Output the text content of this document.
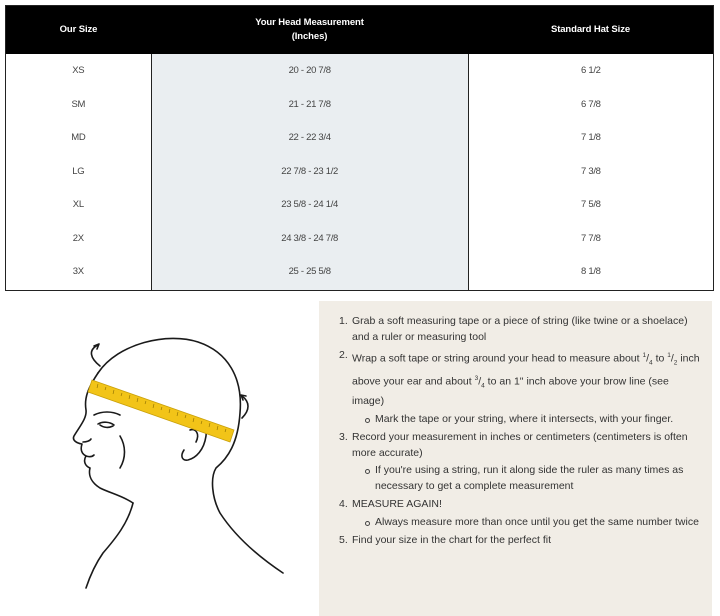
Our Size
Your Head Measurement
(Inches)
Standard Hat Size
XS
SM
MD
LG
XL
2X
3X
20 - 20 7/8
21 - 21 7/8
22 - 22 3/4
22 7/8 - 23 1/2
23 5/8 - 24 1/4
24 3/8 - 24 7/8
25 - 25 5/8
6 1/2
6 7/8
7 1/8
7 3/8
7 5/8
7 7/8
8 1/8
Grab a soft measuring tape or a piece of string (like twine or a shoelace) and a ruler or measuring tool
Wrap a soft tape or string around your head to measure about $^1/_4$ to $^1/_2$ inch above your ear and about $^3/_4$ to an 1" inch above your brow line (see image)
Mark the tape or your string, where it intersects, with your finger.
Record your measurement in inches or centimeters (centimeters is often more accurate)
If you're using a string, run it along side the ruler as many times as necessary to get a complete measurement
MEASURE AGAIN!
Always measure more than once until you get the same number twice
Find your size in the chart for the perfect fit
